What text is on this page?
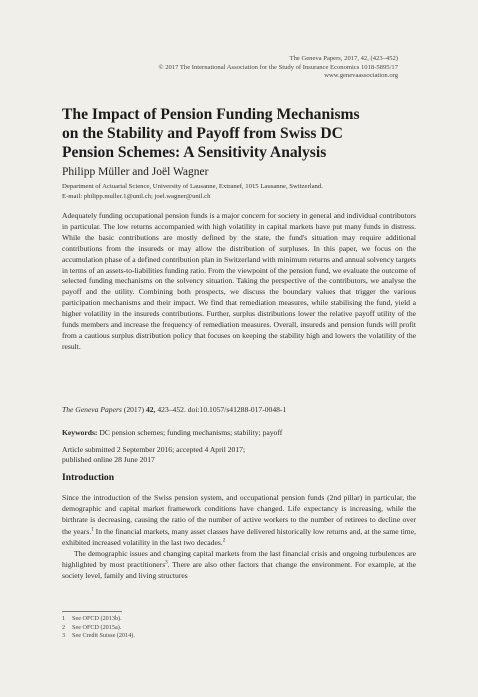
The Geneva Papers, 2017, 42, (423–452)
© 2017 The International Association for the Study of Insurance Economics 1018-5895/17
www.genevaassociation.org
The Impact of Pension Funding Mechanisms
on the Stability and Payoff from Swiss DC
Pension Schemes: A Sensitivity Analysis
Philipp Müller and Joël Wagner
Department of Actuarial Science, University of Lausanne, Extranef, 1015 Lausanne, Switzerland.
E-mail: philipp.muller.1@unil.ch; joel.wagner@unil.ch

Adequately funding occupational pension funds is a major concern for society in general and individual contributors in particular. The low returns accompanied with high volatility in capital markets have put many funds in distress. While the basic contributions are mostly defined by the state, the fund's situation may require additional contributions from the insureds or may allow the distribution of surpluses. In this paper, we focus on the accumulation phase of a defined contribution plan in Switzerland with minimum returns and annual solvency targets in terms of an assets-to-liabilities funding ratio. From the viewpoint of the pension fund, we evaluate the outcome of selected funding mechanisms on the solvency situation. Taking the perspective of the contributors, we analyse the payoff and the utility. Combining both prospects, we discuss the boundary values that trigger the various participation mechanisms and their impact. We find that remediation measures, while stabilising the fund, yield a higher volatility in the insureds contributions. Further, surplus distributions lower the relative payoff utility of the funds members and increase the frequency of remediation measures. Overall, insureds and pension funds will profit from a cautious surplus distribution policy that focuses on keeping the stability high and lowers the volatility of the result.

The Geneva Papers (2017) 42, 423–452. doi:10.1057/s41288-017-0048-1
Keywords: DC pension schemes; funding mechanisms; stability; payoff
Article submitted 2 September 2016; accepted 4 April 2017;
published online 28 June 2017
Introduction

Since the introduction of the Swiss pension system, and occupational pension funds (2nd pillar) in particular, the demographic and capital market framework conditions have changed. Life expectancy is increasing, while the birthrate is decreasing, causing the ratio of the number of active workers to the number of retirees to decline over the years.$^1$ In the financial markets, many asset classes have delivered historically low returns and, at the same time, exhibited increased volatility in the last two decades.$^2$

The demographic issues and changing capital markets from the last financial crisis and ongoing turbulences are highlighted by most practitioners$^3$. There are also other factors that change the environment. For example, at the society level, family and living structures

1 See OFCD (2013b).
2 See OFCD (2015a).
3 See Credit Suisse (2014).
